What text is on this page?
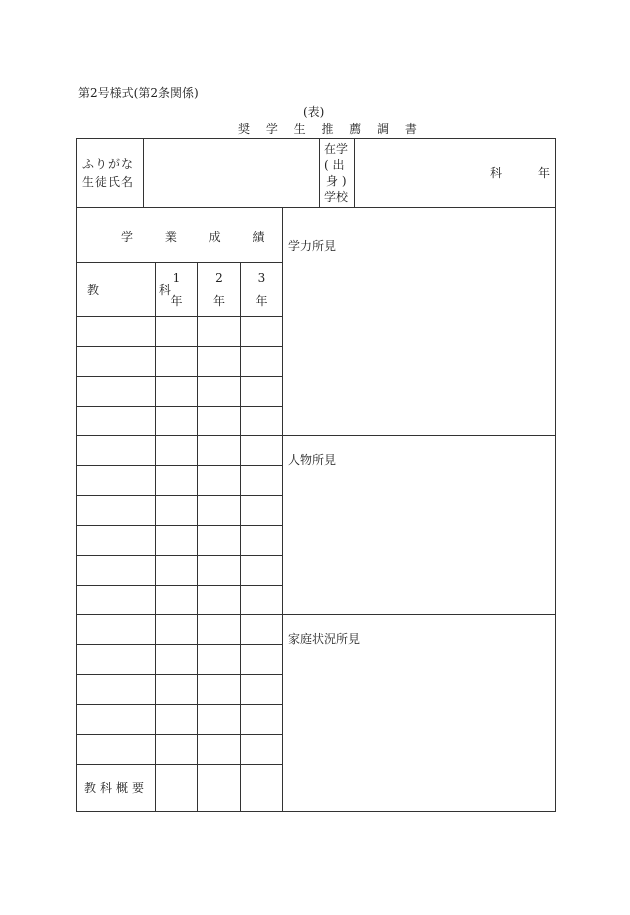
第2号様式(第2条関係)
(表)
奨 学 生 推 薦 調 書
ふりがな
生徒氏名
在学
( 出
身 )
学校
科	年
学 業 成 績
教 科
1
年
2
年
3
年
教科概要
学力所見
人物所見
家庭状況所見
